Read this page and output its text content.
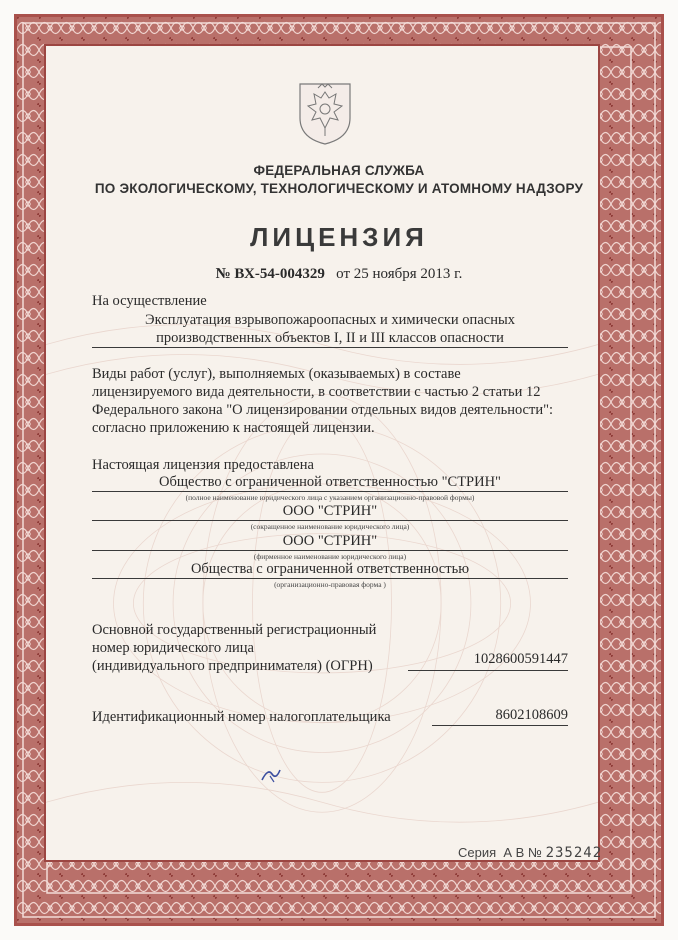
ФЕДЕРАЛЬНАЯ СЛУЖБА
ПО ЭКОЛОГИЧЕСКОМУ, ТЕХНОЛОГИЧЕСКОМУ И АТОМНОМУ НАДЗОРУ
ЛИЦЕНЗИЯ
№ ВХ-54-004329 от 25 ноября 2013 г.

На осуществление

Эксплуатация взрывопожароопасных и химически опасных

производственных объектов I, II и III классов опасности

Виды работ (услуг), выполняемых (оказываемых) в составе

лицензируемого вида деятельности, в соответствии с частью 2 статьи 12

Федерального закона "О лицензировании отдельных видов деятельности":

согласно приложению к настоящей лицензии.

Настоящая лицензия предоставлена

Общество с ограниченной ответственностью "СТРИН"

(полное наименование юридического лица с указанием организационно-правовой формы)

ООО "СТРИН"

(сокращенное наименование юридического лица)

ООО "СТРИН"

(фирменное наименование юридического лица)

Общества с ограниченной ответственностью

(организационно-правовая форма )

Основной государственный регистрационный

номер юридического лица

(индивидуального предпринимателя) (ОГРН)	1028600591447

Идентификационный номер налогоплательщика	8602108609

Серия А В № 235242
